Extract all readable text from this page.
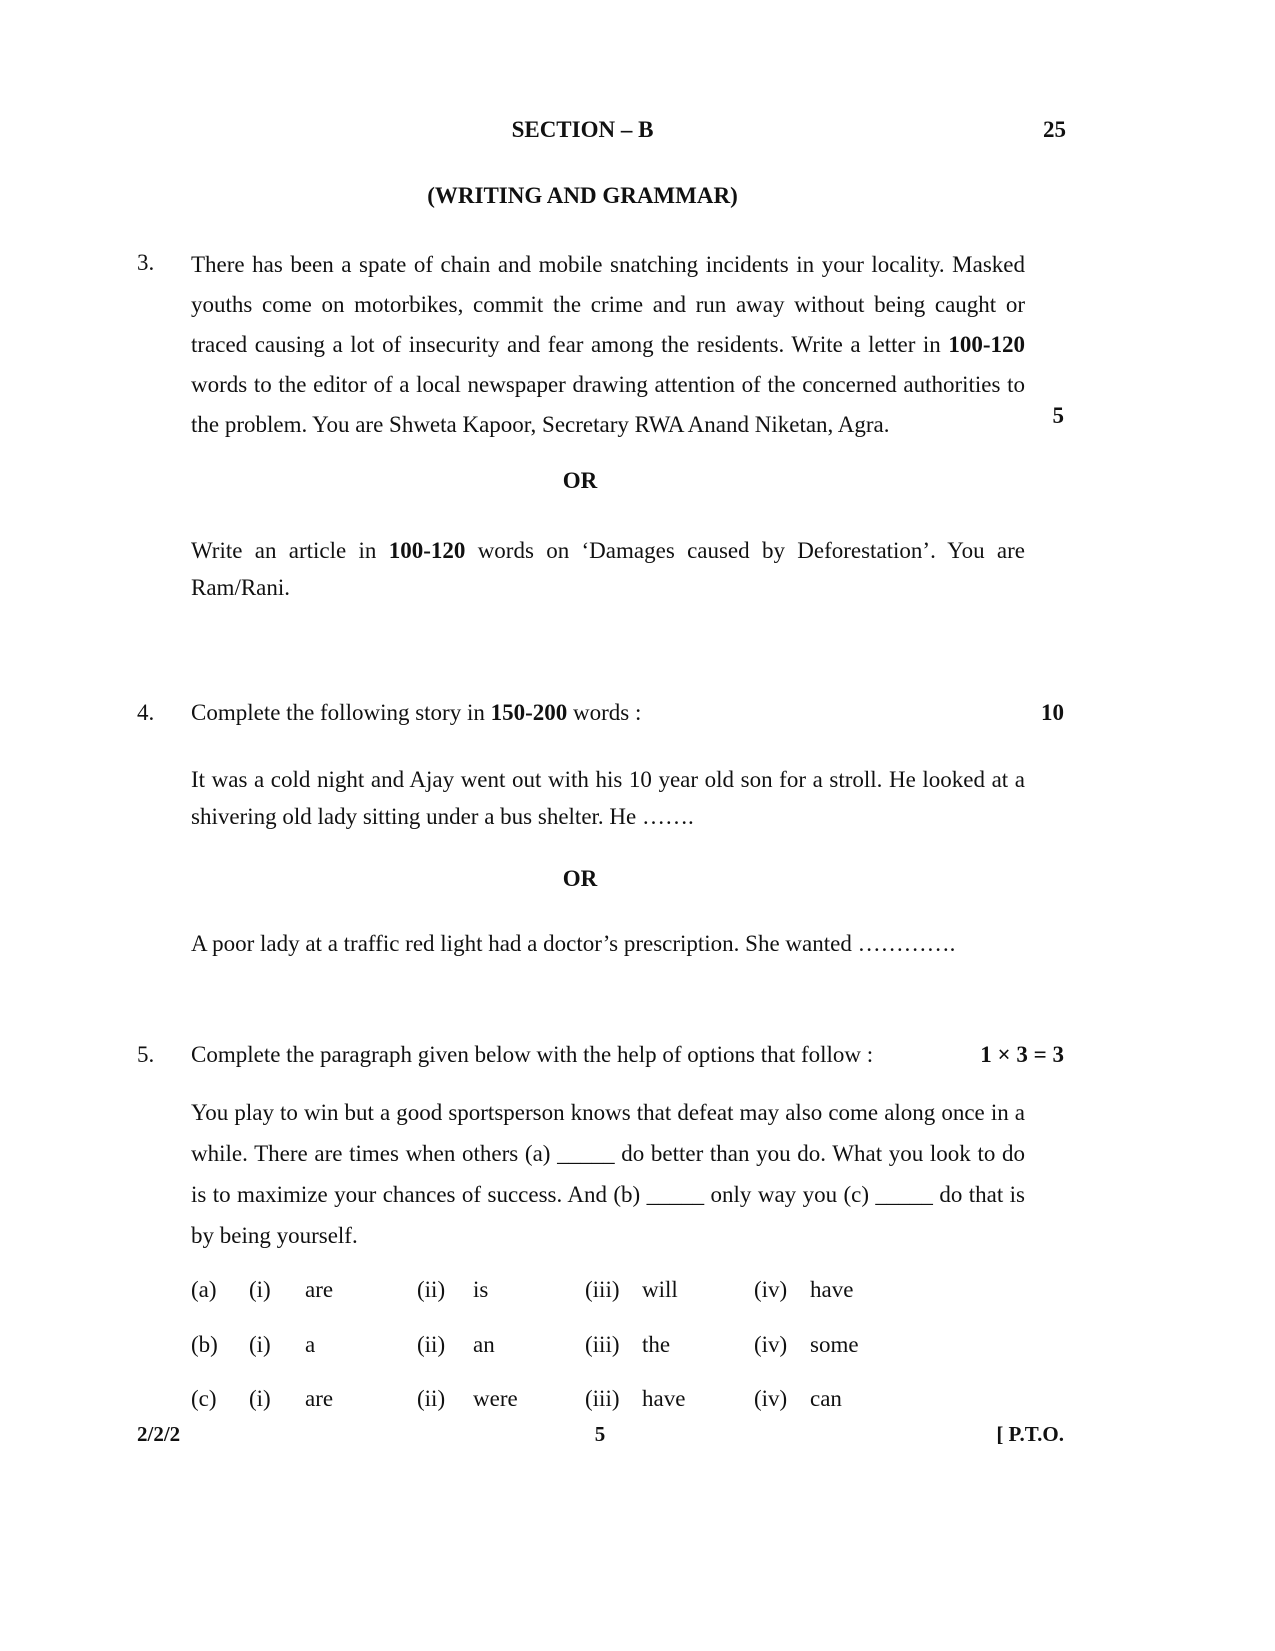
SECTION – B	25
(WRITING AND GRAMMAR)
3. There has been a spate of chain and mobile snatching incidents in your locality. Masked youths come on motorbikes, commit the crime and run away without being caught or traced causing a lot of insecurity and fear among the residents. Write a letter in 100-120 words to the editor of a local newspaper drawing attention of the concerned authorities to the problem. You are Shweta Kapoor, Secretary RWA Anand Niketan, Agra.	5
OR
Write an article in 100-120 words on ‘Damages caused by Deforestation’. You are Ram/Rani.
4. Complete the following story in 150-200 words :	10
It was a cold night and Ajay went out with his 10 year old son for a stroll. He looked at a shivering old lady sitting under a bus shelter. He …….
OR
A poor lady at a traffic red light had a doctor’s prescription. She wanted ………….
5. Complete the paragraph given below with the help of options that follow :	1 × 3 = 3
You play to win but a good sportsperson knows that defeat may also come along once in a while. There are times when others (a) _____ do better than you do. What you look to do is to maximize your chances of success. And (b) _____ only way you (c) _____ do that is by being yourself.
(a) (i) are	(ii) is	(iii) will	(iv) have
(b) (i) a	(ii) an	(iii) the	(iv) some
(c) (i) are	(ii) were	(iii) have	(iv) can
2/2/2	5	[ P.T.O.
